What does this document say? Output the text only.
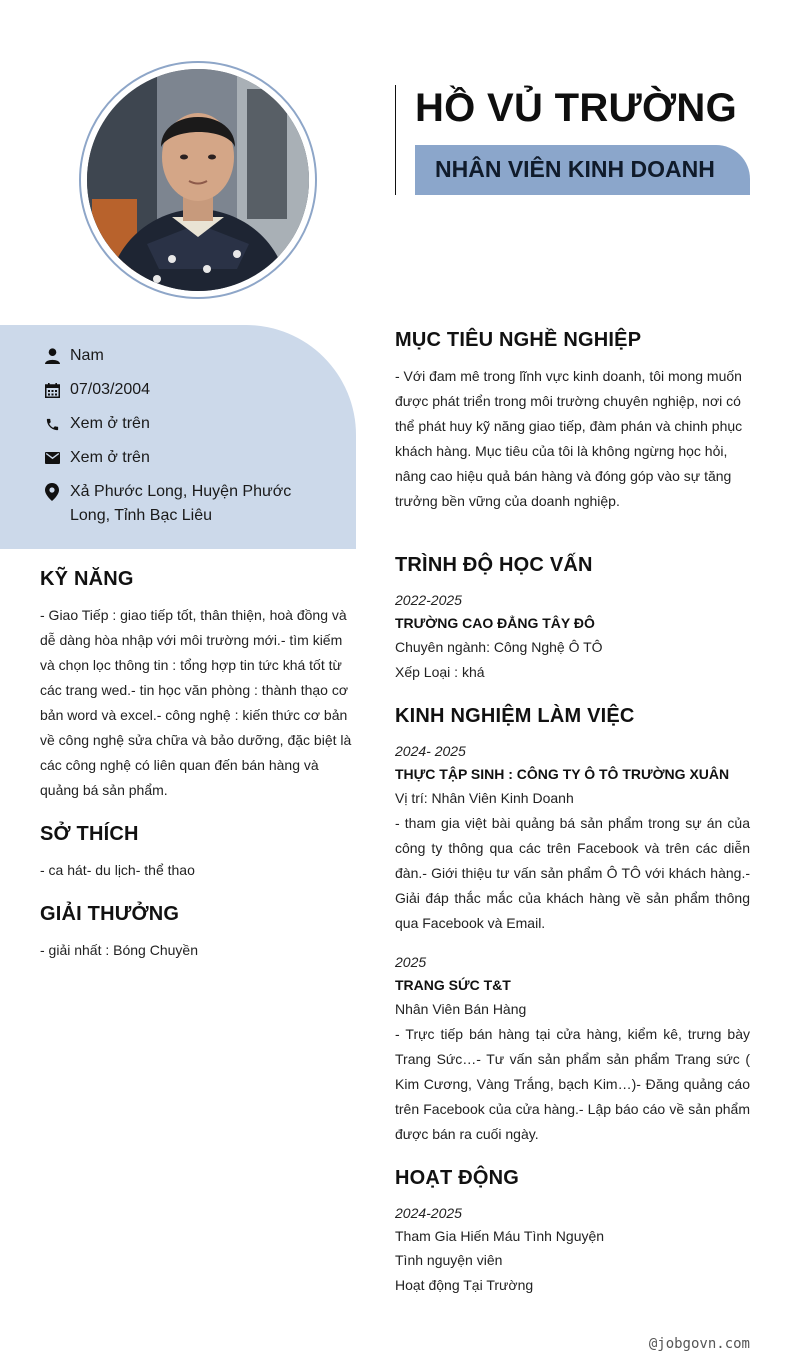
HỒ VỦ TRƯỜNG
NHÂN VIÊN KINH DOANH
Nam
07/03/2004
Xem ở trên
Xem ở trên
Xả Phước Long, Huyện Phước Long, Tỉnh Bạc Liêu
KỸ NĂNG
- Giao Tiếp : giao tiếp tốt, thân thiện, hoà đồng và dễ dàng hòa nhập với môi trường mới.- tìm kiếm và chọn lọc thông tin : tổng hợp tin tức khá tốt từ các trang wed.- tin học văn phòng : thành thạo cơ bản word và excel.- công nghệ : kiến thức cơ bản về công nghệ sửa chữa và bảo dưỡng, đặc biệt là các công nghệ có liên quan đến bán hàng và quảng bá sản phẩm.
SỞ THÍCH
- ca hát- du lịch- thể thao
GIẢI THƯỞNG
- giải nhất : Bóng Chuyền
MỤC TIÊU NGHỀ NGHIỆP
- Với đam mê trong lĩnh vực kinh doanh, tôi mong muốn được phát triển trong môi trường chuyên nghiệp, nơi có thể phát huy kỹ năng giao tiếp, đàm phán và chinh phục khách hàng. Mục tiêu của tôi là không ngừng học hỏi, nâng cao hiệu quả bán hàng và đóng góp vào sự tăng trưởng bền vững của doanh nghiệp.
TRÌNH ĐỘ HỌC VẤN
2022-2025
TRƯỜNG CAO ĐẲNG TÂY ĐÔ
Chuyên ngành: Công Nghệ Ô TÔ
Xếp Loại : khá
KINH NGHIỆM LÀM VIỆC
2024- 2025
THỰC TẬP SINH : CÔNG TY Ô TÔ TRƯỜNG XUÂN
Vị trí: Nhân Viên Kinh Doanh
- tham gia việt bài quảng bá sản phẩm trong sự án của công ty thông qua các trên Facebook và trên các diễn đàn.- Giới thiệu tư vấn sản phẩm Ô TÔ với khách hàng.- Giải đáp thắc mắc của khách hàng về sản phẩm thông qua Facebook và Email.
2025
TRANG SỨC T&T
Nhân Viên Bán Hàng
- Trực tiếp bán hàng tại cửa hàng, kiểm kê, trưng bày Trang Sức…- Tư vấn sản phẩm sản phẩm Trang sức ( Kim Cương, Vàng Trắng, bạch Kim…)- Đăng quảng cáo trên Facebook của cửa hàng.- Lập báo cáo về sản phẩm được bán ra cuối ngày.
HOẠT ĐỘNG
2024-2025
Tham Gia Hiến Máu Tình Nguyện
Tình nguyện viên
Hoạt động Tại Trường
@jobgovn.com
